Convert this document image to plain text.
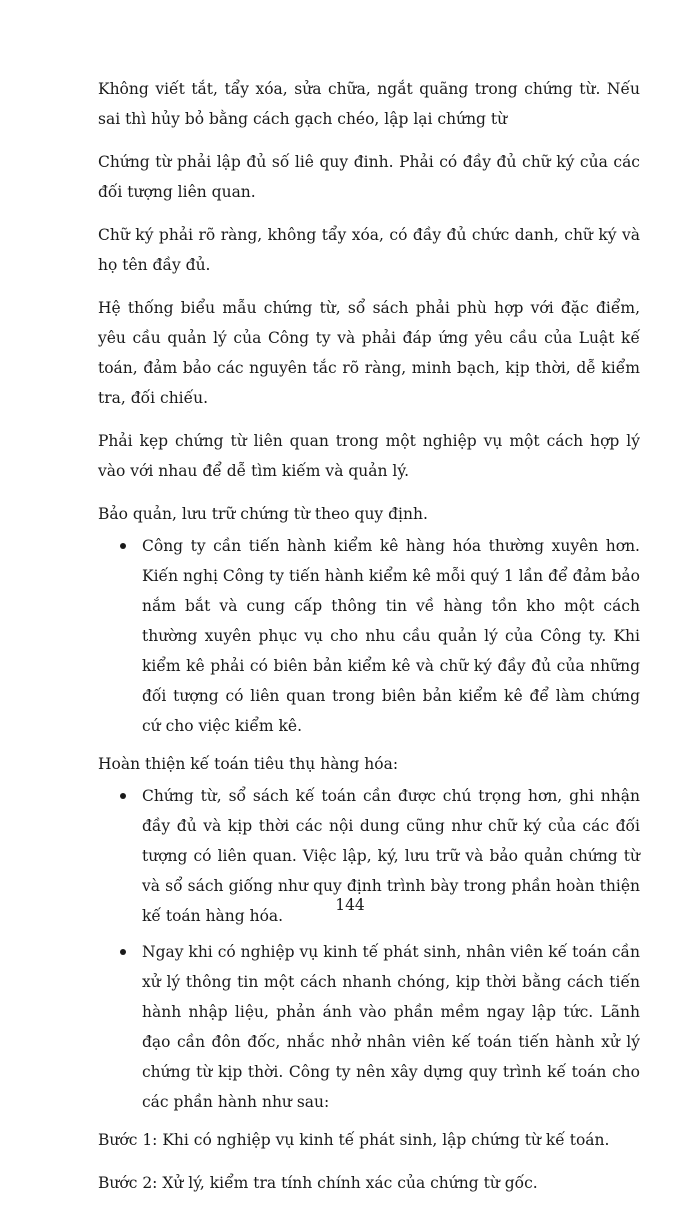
Không viết tắt, tẩy xóa, sửa chữa, ngắt quãng trong chứng từ. Nếu sai thì hủy bỏ bằng cách gạch chéo, lập lại chứng từ

Chứng từ phải lập đủ số liê quy đinh. Phải có đầy đủ chữ ký của các đối tượng liên quan.

Chữ ký phải rõ ràng, không tẩy xóa, có đầy đủ chức danh, chữ ký và họ tên đầy đủ.

Hệ thống biểu mẫu chứng từ, sổ sách phải phù hợp với đặc điểm, yêu cầu quản lý của Công ty và phải đáp ứng yêu cầu của Luật kế toán, đảm bảo các nguyên tắc rõ ràng, minh bạch, kịp thời, dễ kiểm tra, đối chiếu.

Phải kẹp chứng từ liên quan trong một nghiệp vụ một cách hợp lý vào với nhau để dễ tìm kiếm và quản lý.

Bảo quản, lưu trữ chứng từ theo quy định.

Công ty cần tiến hành kiểm kê hàng hóa thường xuyên hơn. Kiến nghị Công ty tiến hành kiểm kê mỗi quý 1 lần để đảm bảo nắm bắt và cung cấp thông tin về hàng tồn kho một cách thường xuyên phục vụ cho nhu cầu quản lý của Công ty. Khi kiểm kê phải có biên bản kiểm kê và chữ ký đầy đủ của những đối tượng có liên quan trong biên bản kiểm kê để làm chứng cứ cho việc kiểm kê.

Hoàn thiện kế toán tiêu thụ hàng hóa:

Chứng từ, sổ sách kế toán cần được chú trọng hơn, ghi nhận đầy đủ và kịp thời các nội dung cũng như chữ ký của các đối tượng có liên quan. Việc lập, ký, lưu trữ và bảo quản chứng từ và sổ sách giống như quy định trình bày trong phần hoàn thiện kế toán hàng hóa.
Ngay khi có nghiệp vụ kinh tế phát sinh, nhân viên kế toán cần xử lý thông tin một cách nhanh chóng, kịp thời bằng cách tiến hành nhập liệu, phản ánh vào phần mềm ngay lập tức. Lãnh đạo cần đôn đốc, nhắc nhở nhân viên kế toán tiến hành xử lý chứng từ kịp thời. Công ty nên xây dựng quy trình kế toán cho các phần hành như sau:

Bước 1: Khi có nghiệp vụ kinh tế phát sinh, lập chứng từ kế toán.

Bước 2: Xử lý, kiểm tra tính chính xác của chứng từ gốc.

144
